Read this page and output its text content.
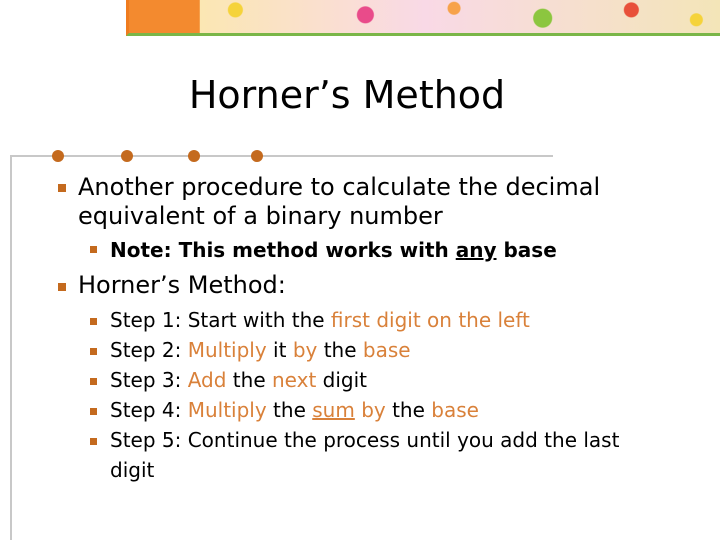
Horner’s Method

Another procedure to calculate the decimal equivalent of a binary number

Note: This method works with any base

Horner’s Method:

Step 1: Start with the first digit on the left

Step 2: Multiply it by the base

Step 3: Add the next digit

Step 4: Multiply the sum by the base

Step 5: Continue the process until you add the last
digit
